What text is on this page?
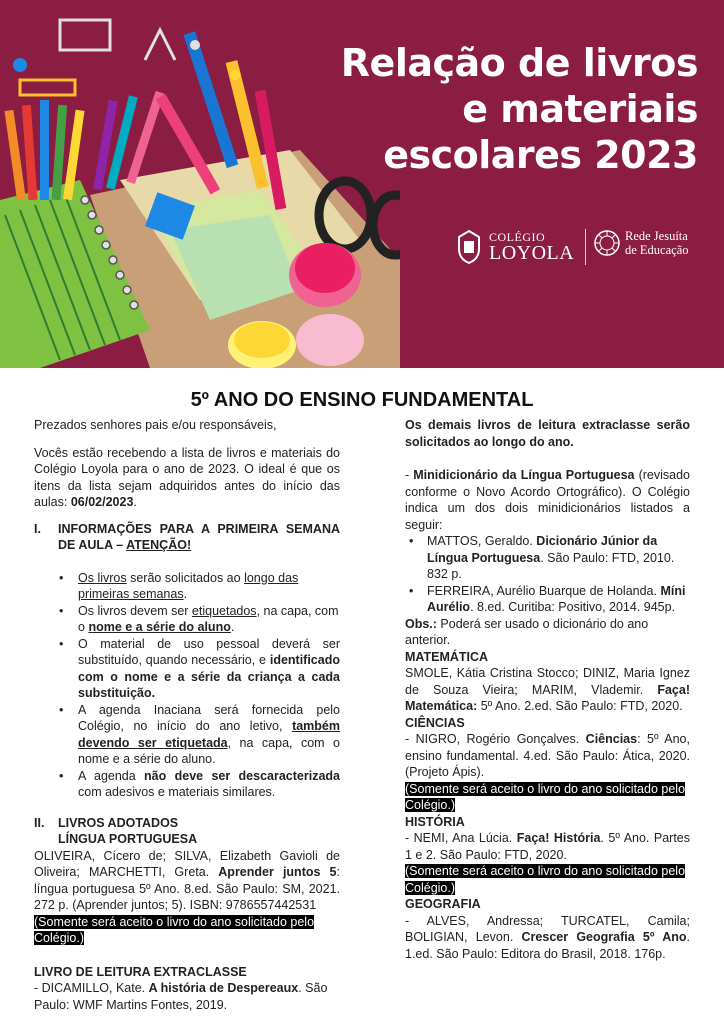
Relação de livros
e materiais
escolares 2023
COLÉGIO
LOYOLA
Rede Jesuíta
de Educação
5º ANO DO ENSINO FUNDAMENTAL

Prezados senhores pais e/ou responsáveis,

Vocês estão recebendo a lista de livros e materiais do Colégio Loyola para o ano de 2023. O ideal é que os itens da lista sejam adquiridos antes do início das aulas: 06/02/2023.

I.	INFORMAÇÕES PARA A PRIMEIRA SEMANA DE AULA – ATENÇÃO!
• Os livros serão solicitados ao longo das primeiras semanas.
• Os livros devem ser etiquetados, na capa, com o nome e a série do aluno.
• O material de uso pessoal deverá ser substituído, quando necessário, e identificado com o nome e a série da criança a cada substituição.
• A agenda Inaciana será fornecida pelo Colégio, no início do ano letivo, também devendo ser etiquetada, na capa, com o nome e a série do aluno.
• A agenda não deve ser descaracterizada com adesivos e materiais similares.
II.	LIVROS ADOTADOS
LÍNGUA PORTUGUESA

OLIVEIRA, Cícero de; SILVA, Elizabeth Gavioli de Oliveira; MARCHETTI, Greta. Aprender juntos 5: língua portuguesa 5º Ano. 8.ed. São Paulo: SM, 2021. 272 p. (Aprender juntos; 5). ISBN: 9786557442531

(Somente será aceito o livro do ano solicitado pelo Colégio.)

LIVRO DE LEITURA EXTRACLASSE

- DICAMILLO, Kate. A história de Despereaux. São Paulo: WMF Martins Fontes, 2019.

Os demais livros de leitura extraclasse serão solicitados ao longo do ano.

- Minidicionário da Língua Portuguesa (revisado conforme o Novo Acordo Ortográfico). O Colégio indica um dos dois minidicionários listados a seguir:

• MATTOS, Geraldo. Dicionário Júnior da Língua Portuguesa. São Paulo: FTD, 2010. 832 p.
• FERREIRA, Aurélio Buarque de Holanda. Míni Aurélio. 8.ed. Curitiba: Positivo, 2014. 945p.

Obs.: Poderá ser usado o dicionário do ano anterior.

MATEMÁTICA

SMOLE, Kátia Cristina Stocco; DINIZ, Maria Ignez de Souza Vieira; MARIM, Vlademir. Faça! Matemática: 5º Ano. 2.ed. São Paulo: FTD, 2020.

CIÊNCIAS

- NIGRO, Rogério Gonçalves. Ciências: 5º Ano, ensino fundamental. 4.ed. São Paulo: Ática, 2020. (Projeto Ápis).

(Somente será aceito o livro do ano solicitado pelo Colégio.)

HISTÓRIA

- NEMI, Ana Lúcia. Faça! História. 5º Ano. Partes 1 e 2. São Paulo: FTD, 2020.

(Somente será aceito o livro do ano solicitado pelo Colégio.)

GEOGRAFIA

- ALVES, Andressa; TURCATEL, Camila; BOLIGIAN, Levon. Crescer Geografia 5º Ano. 1.ed. São Paulo: Editora do Brasil, 2018. 176p.
